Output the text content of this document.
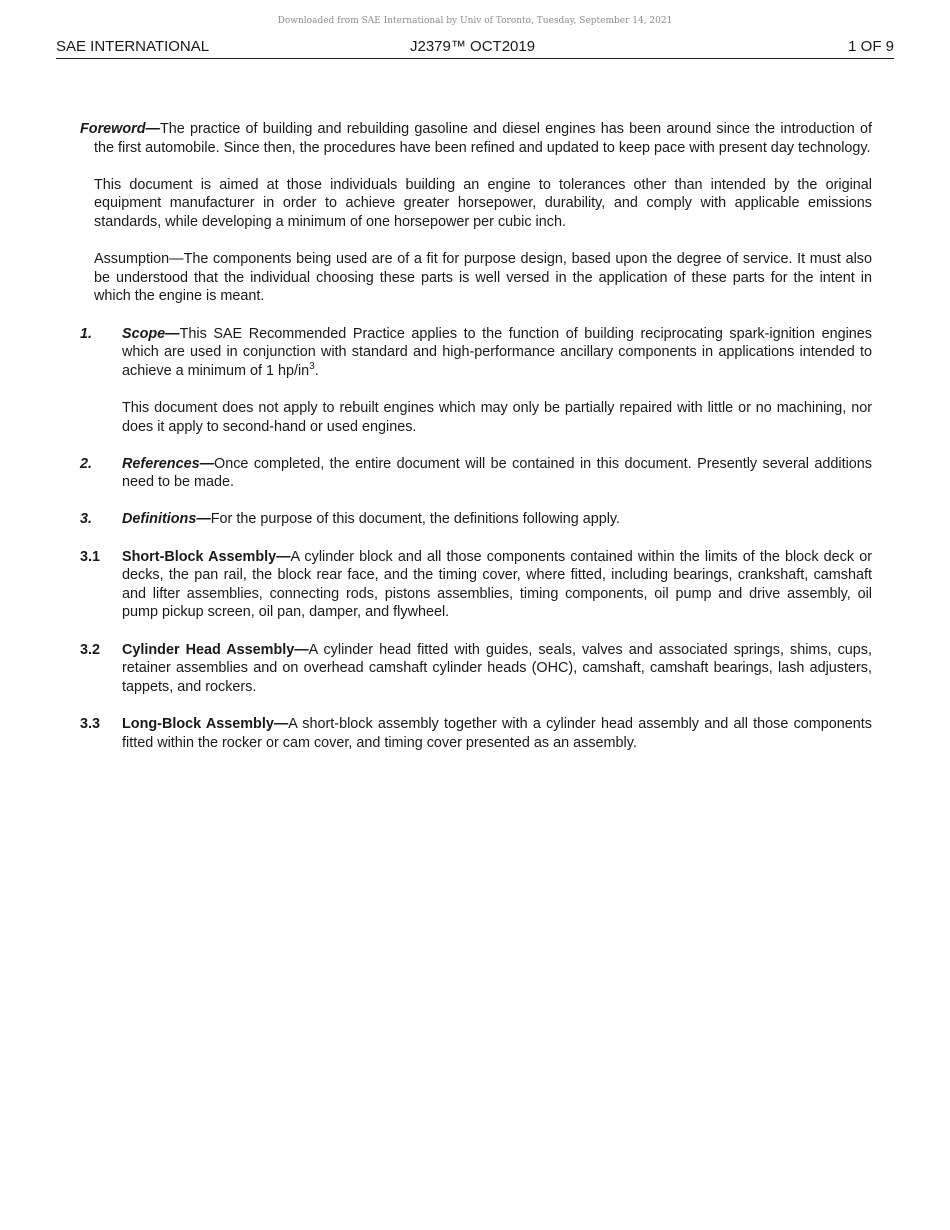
Downloaded from SAE International by Univ of Toronto, Tuesday, September 14, 2021
SAE INTERNATIONAL	J2379™ OCT2019	1 OF 9

Foreword—The practice of building and rebuilding gasoline and diesel engines has been around since the introduction of the first automobile. Since then, the procedures have been refined and updated to keep pace with present day technology.

This document is aimed at those individuals building an engine to tolerances other than intended by the original equipment manufacturer in order to achieve greater horsepower, durability, and comply with applicable emissions standards, while developing a minimum of one horsepower per cubic inch.

Assumption—The components being used are of a fit for purpose design, based upon the degree of service. It must also be understood that the individual choosing these parts is well versed in the application of these parts for the intent in which the engine is meant.

1. Scope—This SAE Recommended Practice applies to the function of building reciprocating spark-ignition engines which are used in conjunction with standard and high-performance ancillary components in applications intended to achieve a minimum of 1 $hp/in^3$.

This document does not apply to rebuilt engines which may only be partially repaired with little or no machining, nor does it apply to second-hand or used engines.

2. References—Once completed, the entire document will be contained in this document. Presently several additions need to be made.
3. Definitions—For the purpose of this document, the definitions following apply.
3.1 Short-Block Assembly—A cylinder block and all those components contained within the limits of the block deck or decks, the pan rail, the block rear face, and the timing cover, where fitted, including bearings, crankshaft, camshaft and lifter assemblies, connecting rods, pistons assemblies, timing components, oil pump and drive assembly, oil pump pickup screen, oil pan, damper, and flywheel.
3.2 Cylinder Head Assembly—A cylinder head fitted with guides, seals, valves and associated springs, shims, cups, retainer assemblies and on overhead camshaft cylinder heads (OHC), camshaft, camshaft bearings, lash adjusters, tappets, and rockers.
3.3 Long-Block Assembly—A short-block assembly together with a cylinder head assembly and all those components fitted within the rocker or cam cover, and timing cover presented as an assembly.
